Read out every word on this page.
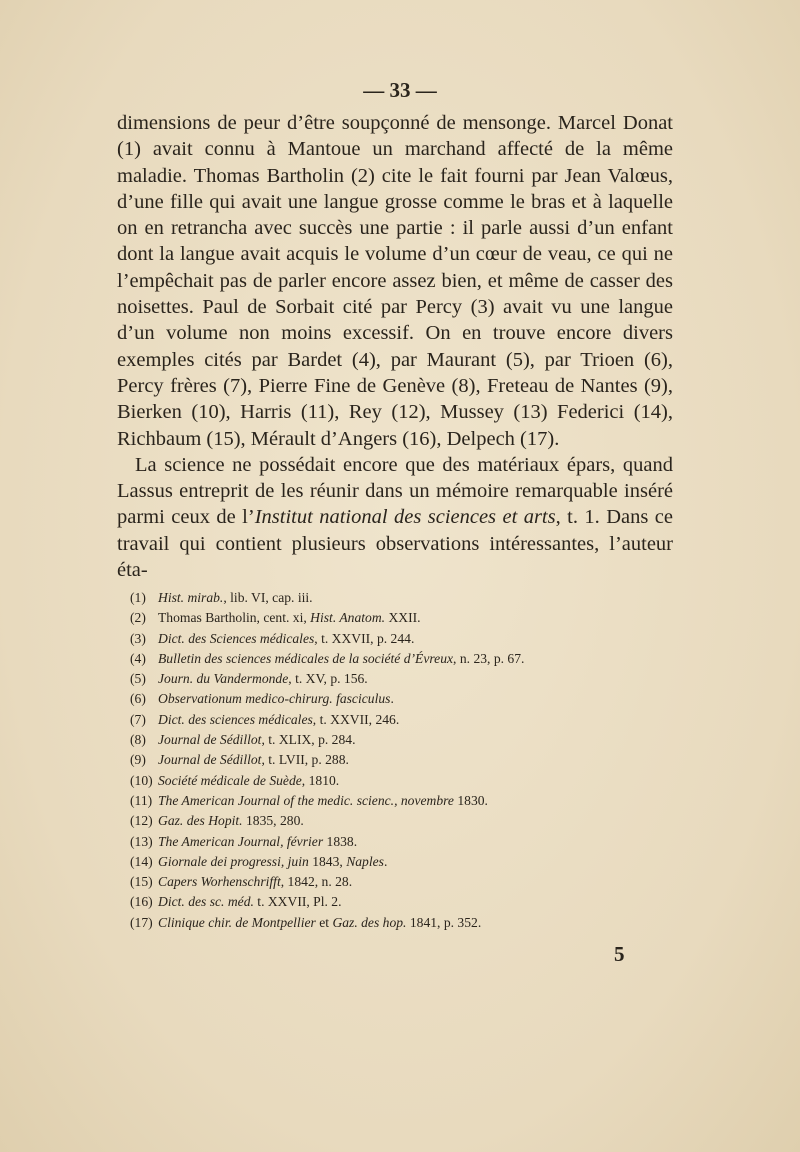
— 33 —

dimensions de peur d’être soupçonné de mensonge. Marcel Donat (1) avait connu à Mantoue un marchand affecté de la même maladie. Thomas Bartholin (2) cite le fait fourni par Jean Valœus, d’une fille qui avait une langue grosse comme le bras et à laquelle on en retrancha avec succès une partie : il parle aussi d’un enfant dont la langue avait acquis le volume d’un cœur de veau, ce qui ne l’empêchait pas de parler encore assez bien, et même de casser des noisettes. Paul de Sorbait cité par Percy (3) avait vu une langue d’un volume non moins excessif. On en trouve encore divers exemples cités par Bardet (4), par Maurant (5), par Trioen (6), Percy frères (7), Pierre Fine de Genève (8), Freteau de Nantes (9), Bierken (10), Harris (11), Rey (12), Mussey (13) Federici (14), Richbaum (15), Mérault d’Angers (16), Delpech (17).

La science ne possédait encore que des matériaux épars, quand Lassus entreprit de les réunir dans un mémoire remarquable inséré parmi ceux de l’Institut national des sciences et arts, t. 1. Dans ce travail qui contient plusieurs observations intéressantes, l’auteur éta-

(1) Hist. mirab., lib. VI, cap. iii.
(2) Thomas Bartholin, cent. xi, Hist. Anatom. XXII.
(3) Dict. des Sciences médicales, t. XXVII, p. 244.
(4) Bulletin des sciences médicales de la société d’Évreux, n. 23, p. 67.
(5) Journ. du Vandermonde, t. XV, p. 156.
(6) Observationum medico-chirurg. fasciculus.
(7) Dict. des sciences médicales, t. XXVII, 246.
(8) Journal de Sédillot, t. XLIX, p. 284.
(9) Journal de Sédillot, t. LVII, p. 288.
(10) Société médicale de Suède, 1810.
(11) The American Journal of the medic. scienc., novembre 1830.
(12) Gaz. des Hopit. 1835, 280.
(13) The American Journal, février 1838.
(14) Giornale dei progressi, juin 1843, Naples.
(15) Capers Worhenschrifft, 1842, n. 28.
(16) Dict. des sc. méd. t. XXVII, Pl. 2.
(17) Clinique chir. de Montpellier et Gaz. des hop. 1841, p. 352.
5
